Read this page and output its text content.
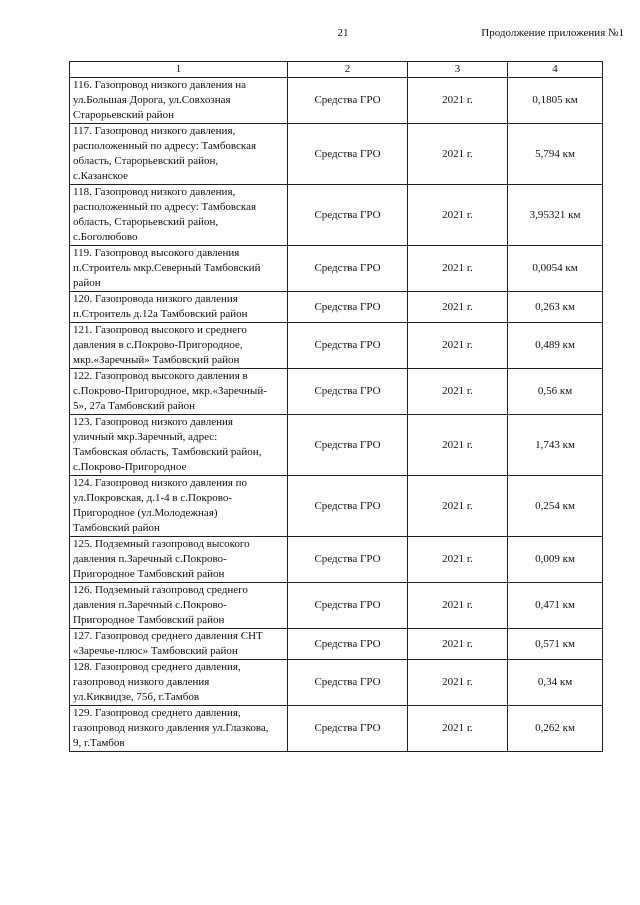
21	Продолжение приложения №1
1	2	3	4

116. Газопровод низкого давления на
ул.Большая Дорога, ул.Совхозная
Старорьевский район	Средства ГРО	2021 г.	0,1805 км

117. Газопровод низкого давления,
расположенный по адресу: Тамбовская
область, Старорьевский район,
с.Казанское	Средства ГРО	2021 г.	5,794 км

118. Газопровод низкого давления,
расположенный по адресу: Тамбовская
область, Старорьевский район,
с.Боголюбово	Средства ГРО	2021 г.	3,95321 км

119. Газопровод высокого давления
п.Строитель мкр.Северный Тамбовский
район	Средства ГРО	2021 г.	0,0054 км

120. Газопровода низкого давления
п.Строитель д.12а Тамбовский район	Средства ГРО	2021 г.	0,263 км

121. Газопровод высокого и среднего
давления в с.Покрово-Пригородное,
мкр.«Заречный» Тамбовский район	Средства ГРО	2021 г.	0,489 км

122. Газопровод высокого давления в
с.Покрово-Пригородное, мкр.«Заречный-
5», 27а Тамбовский район	Средства ГРО	2021 г.	0,56 км

123. Газопровод низкого давления
уличный мкр.Заречный, адрес:
Тамбовская область, Тамбовский район,
с.Покрово-Пригородное	Средства ГРО	2021 г.	1,743 км

124. Газопровод низкого давления по
ул.Покровская, д.1-4 в с.Покрово-
Пригородное (ул.Молодежная)
Тамбовский район	Средства ГРО	2021 г.	0,254 км

125. Подземный газопровод высокого
давления п.Заречный с.Покрово-
Пригородное Тамбовский район	Средства ГРО	2021 г.	0,009 км

126. Подземный газопровод среднего
давления п.Заречный с.Покрово-
Пригородное Тамбовский район	Средства ГРО	2021 г.	0,471 км

127. Газопровод среднего давления СНТ
«Заречье-плюс» Тамбовский район	Средства ГРО	2021 г.	0,571 км

128. Газопровод среднего давления,
газопровод низкого давления
ул.Киквидзе, 75б, г.Тамбов	Средства ГРО	2021 г.	0,34 км

129. Газопровод среднего давления,
газопровод низкого давления ул.Глазкова,
9, г.Тамбов	Средства ГРО	2021 г.	0,262 км
